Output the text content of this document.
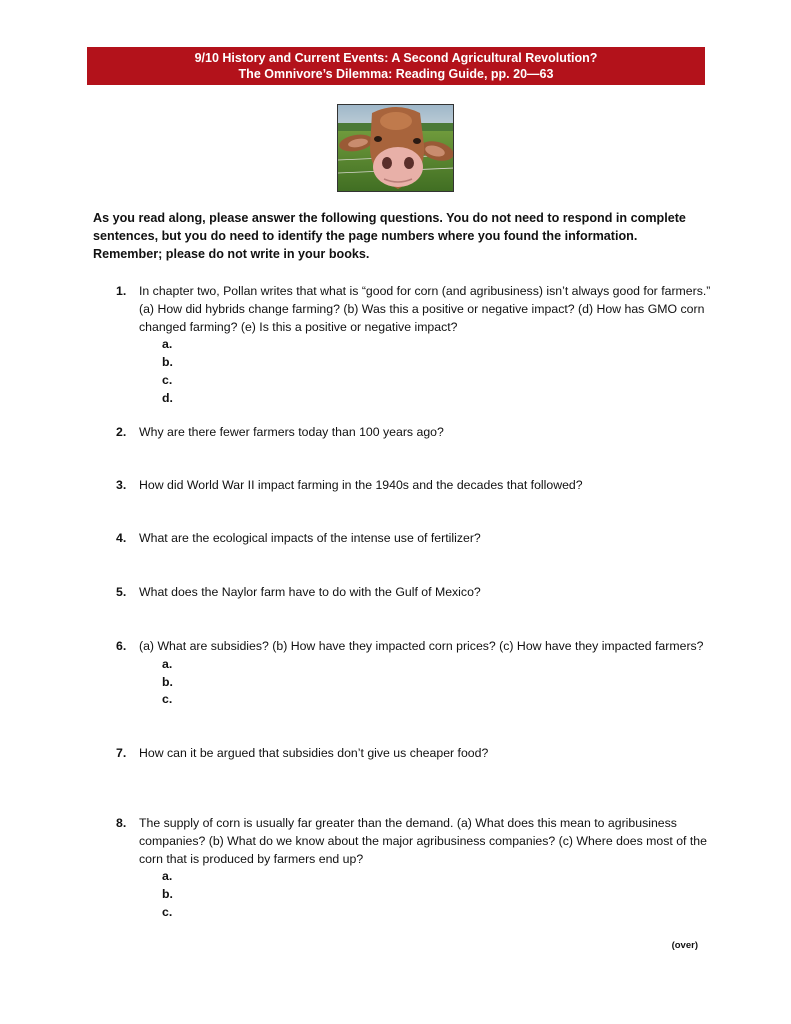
9/10 History and Current Events: A Second Agricultural Revolution?
The Omnivore’s Dilemma: Reading Guide, pp. 20—63
As you read along, please answer the following questions. You do not need to respond in complete sentences, but you do need to identify the page numbers where you found the information. Remember; please do not write in your books.
1.	In chapter two, Pollan writes that what is “good for corn (and agribusiness) isn’t always good for farmers.” (a) How did hybrids change farming? (b) Was this a positive or negative impact? (d) How has GMO corn changed farming? (e) Is this a positive or negative impact?
a.
b.
c.
d.
2.	Why are there fewer farmers today than 100 years ago?
3.	How did World War II impact farming in the 1940s and the decades that followed?
4.	What are the ecological impacts of the intense use of fertilizer?
5.	What does the Naylor farm have to do with the Gulf of Mexico?
6.	(a) What are subsidies? (b) How have they impacted corn prices? (c) How have they impacted farmers?
a.
b.
c.
7.	How can it be argued that subsidies don’t give us cheaper food?
8.	The supply of corn is usually far greater than the demand. (a) What does this mean to agribusiness companies? (b) What do we know about the major agribusiness companies? (c) Where does most of the corn that is produced by farmers end up?
a.
b.
c.
(over)
